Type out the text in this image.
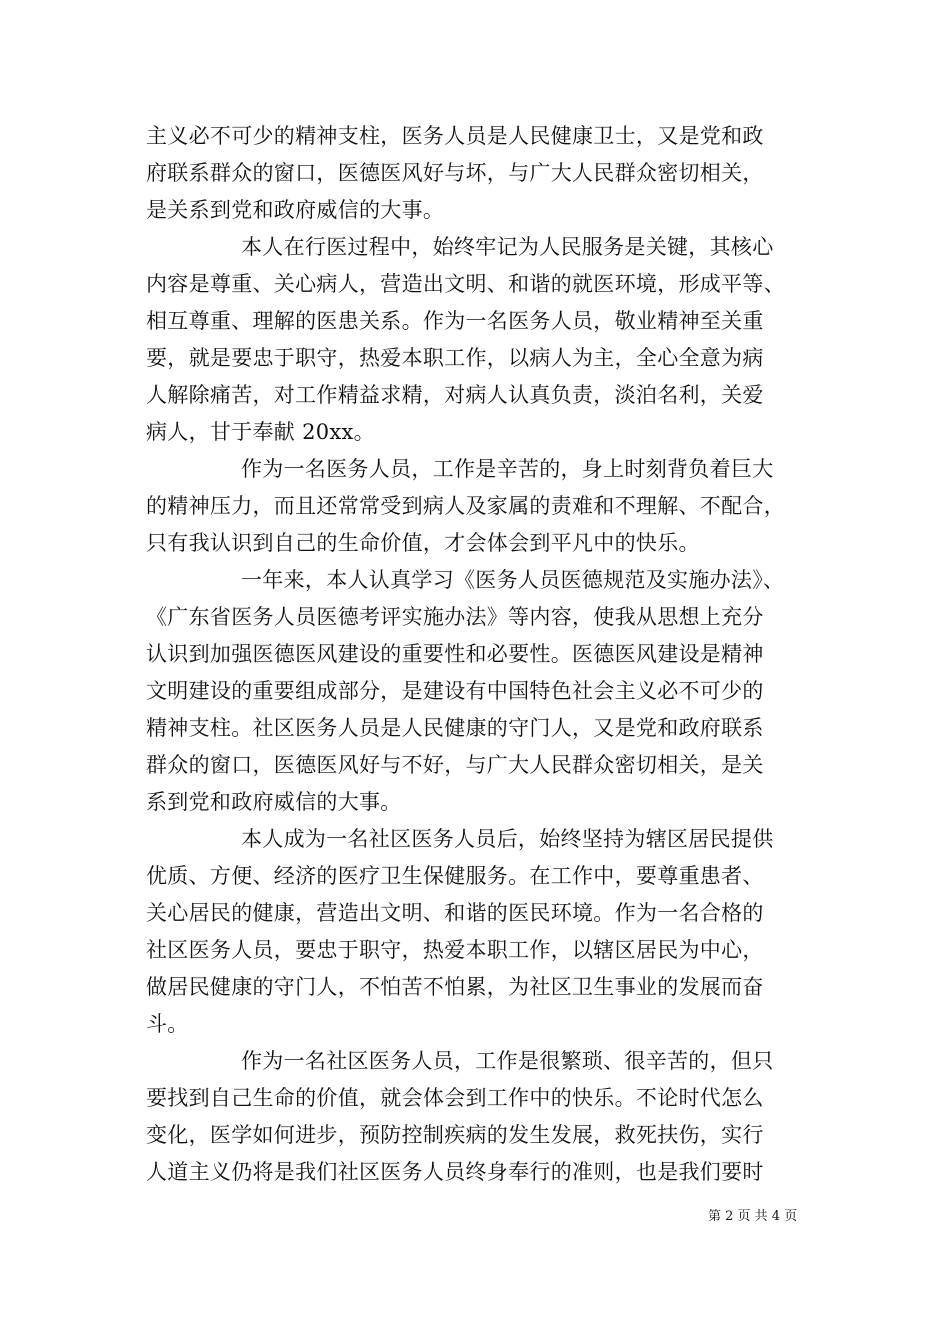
主义必不可少的精神支柱，医务人员是人民健康卫士，又是党和政
府联系群众的窗口，医德医风好与坏，与广大人民群众密切相关，
是关系到党和政府威信的大事。
本人在行医过程中，始终牢记为人民服务是关键，其核心
内容是尊重、关心病人，营造出文明、和谐的就医环境，形成平等、
相互尊重、理解的医患关系。作为一名医务人员，敬业精神至关重
要，就是要忠于职守，热爱本职工作，以病人为主，全心全意为病
人解除痛苦，对工作精益求精，对病人认真负责，淡泊名利，关爱
病人，甘于奉献 20xx。
作为一名医务人员，工作是辛苦的，身上时刻背负着巨大
的精神压力，而且还常常受到病人及家属的责难和不理解、不配合，
只有我认识到自己的生命价值，才会体会到平凡中的快乐。
一年来，本人认真学习《医务人员医德规范及实施办法》、
《广东省医务人员医德考评实施办法》等内容，使我从思想上充分
认识到加强医德医风建设的重要性和必要性。医德医风建设是精神
文明建设的重要组成部分，是建设有中国特色社会主义必不可少的
精神支柱。社区医务人员是人民健康的守门人，又是党和政府联系
群众的窗口，医德医风好与不好，与广大人民群众密切相关，是关
系到党和政府威信的大事。
本人成为一名社区医务人员后，始终坚持为辖区居民提供
优质、方便、经济的医疗卫生保健服务。在工作中，要尊重患者、
关心居民的健康，营造出文明、和谐的医民环境。作为一名合格的
社区医务人员，要忠于职守，热爱本职工作，以辖区居民为中心，
做居民健康的守门人，不怕苦不怕累，为社区卫生事业的发展而奋
斗。
作为一名社区医务人员，工作是很繁琐、很辛苦的，但只
要找到自己生命的价值，就会体会到工作中的快乐。不论时代怎么
变化，医学如何进步，预防控制疾病的发生发展，救死扶伤，实行
人道主义仍将是我们社区医务人员终身奉行的准则，也是我们要时
第 2 页 共 4 页
